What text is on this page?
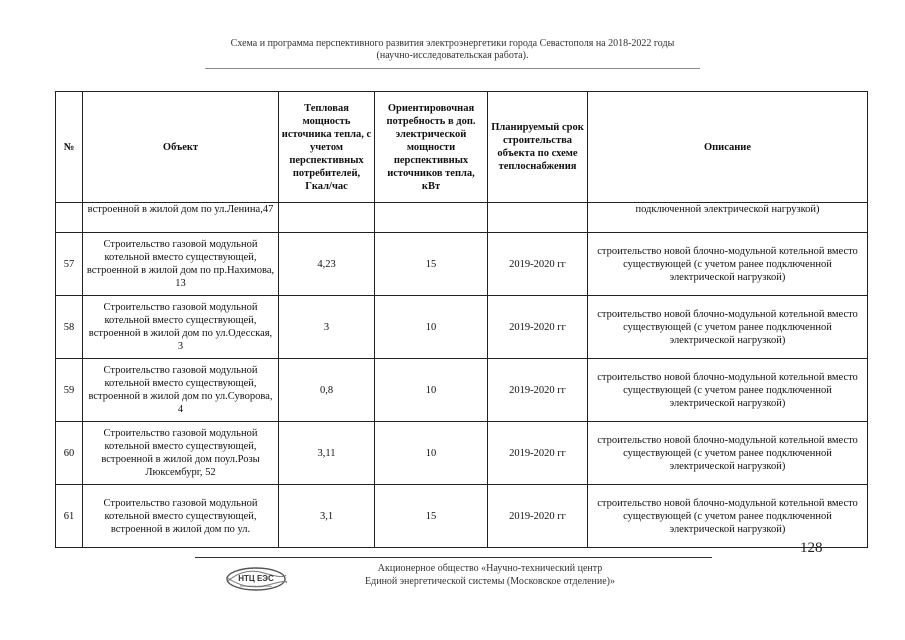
Схема и программа перспективного развития электроэнергетики города Севастополя на 2018-2022 годы
(научно-исследовательская работа).
№	Объект	Тепловая мощность источника тепла, с учетом перспективных потребителей, Гкал/час	Ориентировочная потребность в доп. электрической мощности перспективных источников тепла, кВт	Планируемый срок строительства объекта по схеме теплоснабжения	Описание
	встроенной в жилой дом по ул.Ленина,47				подключенной электрической нагрузкой)
57	Строительство газовой модульной котельной вместо существующей, встроенной в жилой дом по пр.Нахимова, 13	4,23	15	2019-2020 гг	строительство новой блочно-модульной котельной вместо существующей (с учетом ранее подключенной электрической нагрузкой)
58	Строительство газовой модульной котельной вместо существующей, встроенной в жилой дом по ул.Одесская, 3	3	10	2019-2020 гг	строительство новой блочно-модульной котельной вместо существующей (с учетом ранее подключенной электрической нагрузкой)
59	Строительство газовой модульной котельной вместо существующей, встроенной в жилой дом по ул.Суворова, 4	0,8	10	2019-2020 гг	строительство новой блочно-модульной котельной вместо существующей (с учетом ранее подключенной электрической нагрузкой)
60	Строительство газовой модульной котельной вместо существующей, встроенной в жилой дом поул.Розы Люксембург, 52	3,11	10	2019-2020 гг	строительство новой блочно-модульной котельной вместо существующей (с учетом ранее подключенной электрической нагрузкой)
61	Строительство газовой модульной котельной вместо существующей, встроенной в жилой дом по ул.	3,1	15	2019-2020 гг	строительство новой блочно-модульной котельной вместо существующей (с учетом ранее подключенной электрической нагрузкой)
128
НТЦ ЕЭС
Московское отделение
Акционерное общество «Научно-технический центр
Единой энергетической системы (Московское отделение)»
